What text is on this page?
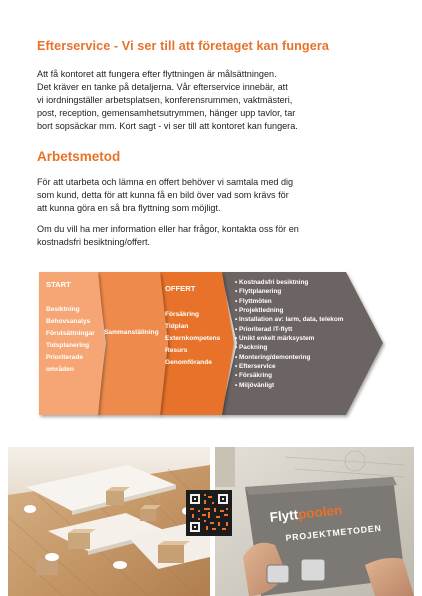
Efterservice - Vi ser till att företaget kan fungera
Att få kontoret att fungera efter flyttningen är målsättningen.
Det kräver en tanke på detaljerna. Vår efterservice innebär, att
vi iordningställer arbetsplatsen, konferensrummen, vaktmästeri,
post, reception, gemensamhetsutrymmen, hänger upp tavlor, tar
bort sopsäckar mm. Kort sagt - vi ser till att kontoret kan fungera.
Arbetsmetod
För att utarbeta och lämna en offert behöver vi samtala med dig
som kund, detta för att kunna få en bild över vad som krävs för
att kunna göra en så bra flyttning som möjligt.
Om du vill ha mer information eller har frågor, kontakta oss för en
kostnadsfri besiktning/offert.
START
Besiktning
Behovsanalys
Förutsättningar
Tidsplanering
Prioriterade
områden
Sammanställning
OFFERT
Försäkring
Tidplan
Externkompetens
Resurs
Genomförande
• Kostnadsfri besiktning
• Flyttplanering
• Flyttmöten
• Projektledning
• Installation av: larm, data, telekom
• Prioriterad IT-flytt
• Unikt enkelt märksystem
• Packning
• Montering/demontering
• Efterservice
• Försäkring
• Miljövänligt
Flyttpoolen
PROJEKTMETODEN
